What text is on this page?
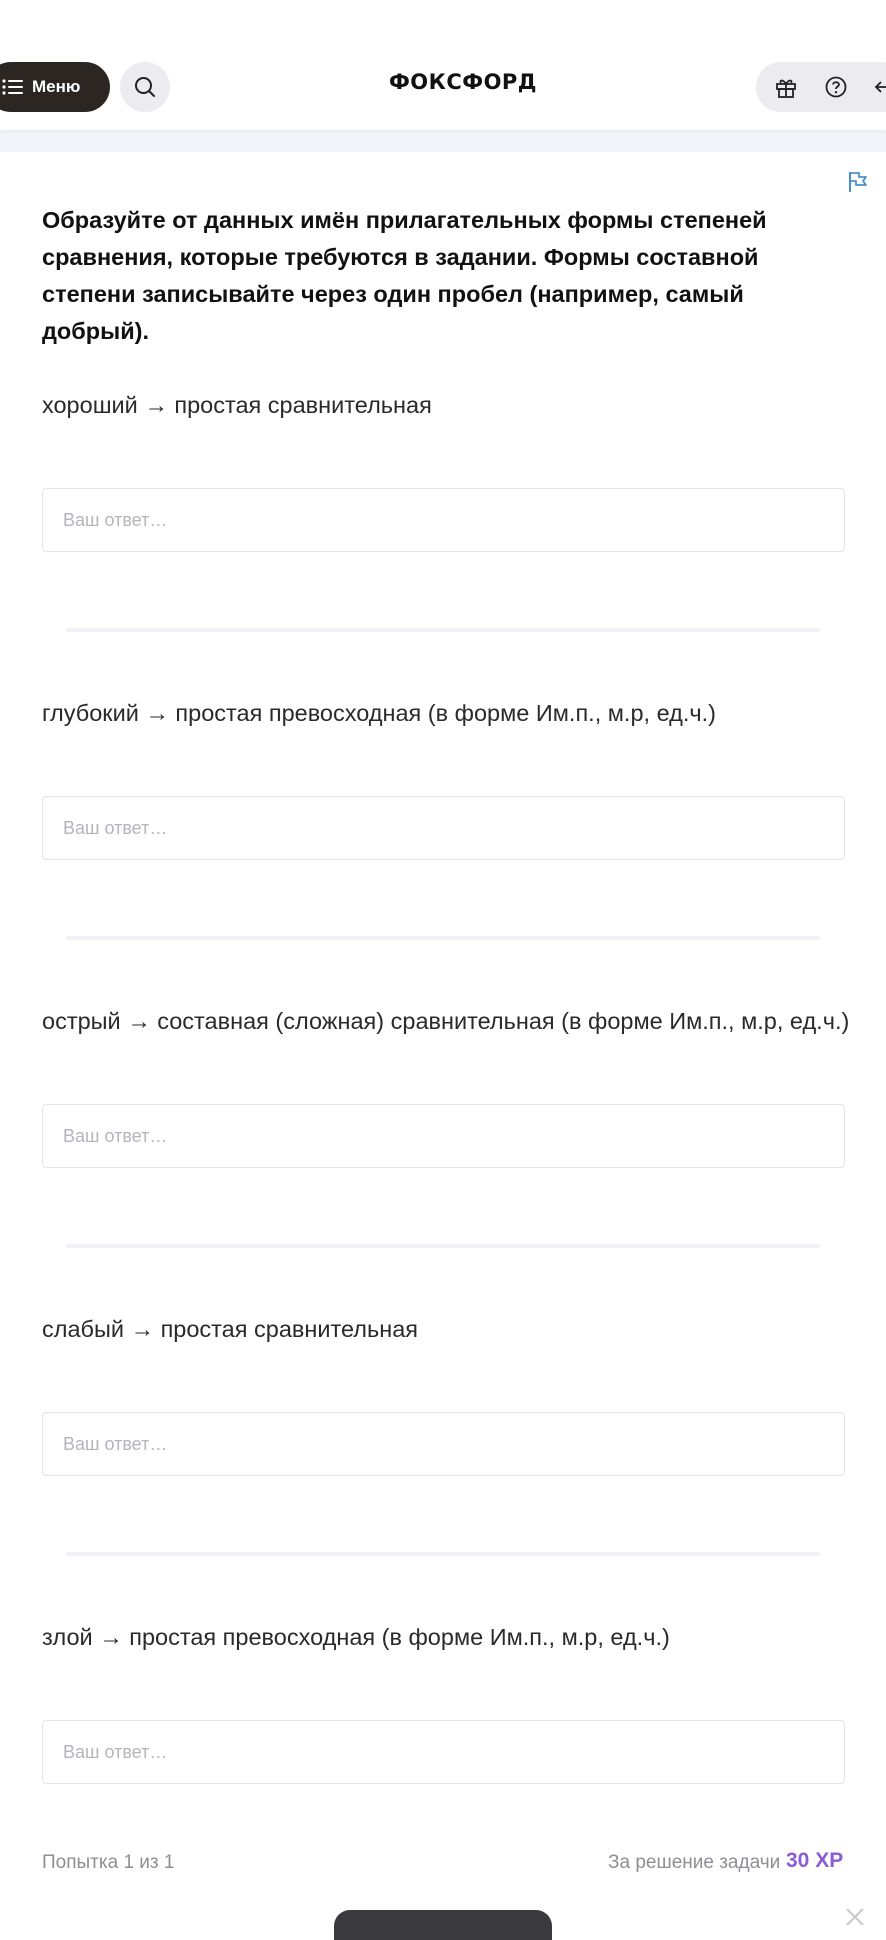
Меню	ФОКСФОРД
Образуйте от данных имён прилагательных формы степеней сравнения, которые требуются в задании. Формы составной степени записывайте через один пробел (например, самый добрый).
хороший → простая сравнительная
Ваш ответ…
глубокий → простая превосходная (в форме Им.п., м.р, ед.ч.)
Ваш ответ…
острый → составная (сложная) сравнительная (в форме Им.п., м.р, ед.ч.)
Ваш ответ…
слабый → простая сравнительная
Ваш ответ…
злой → простая превосходная (в форме Им.п., м.р, ед.ч.)
Ваш ответ…
Попытка 1 из 1	За решение задачи 30 XP
